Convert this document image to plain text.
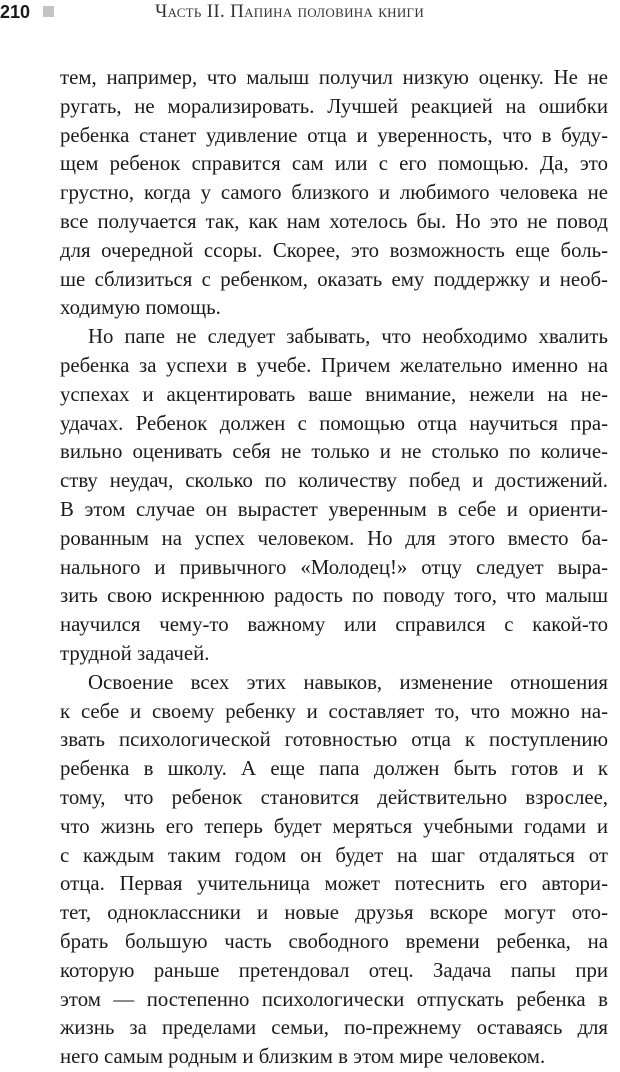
210	Часть II. Папина половина книги
тем, например, что малыш получил низкую оценку. Не не
ругать, не морализировать. Лучшей реакцией на ошибки
ребенка станет удивление отца и уверенность, что в буду-
щем ребенок справится сам или с его помощью. Да, это
грустно, когда у самого близкого и любимого человека не
все получается так, как нам хотелось бы. Но это не повод
для очередной ссоры. Скорее, это возможность еще боль-
ше сблизиться с ребенком, оказать ему поддержку и необ-
ходимую помощь.
Но папе не следует забывать, что необходимо хвалить
ребенка за успехи в учебе. Причем желательно именно на
успехах и акцентировать ваше внимание, нежели на не-
удачах. Ребенок должен с помощью отца научиться пра-
вильно оценивать себя не только и не столько по количе-
ству неудач, сколько по количеству побед и достижений.
В этом случае он вырастет уверенным в себе и ориенти-
рованным на успех человеком. Но для этого вместо ба-
нального и привычного «Молодец!» отцу следует выра-
зить свою искреннюю радость по поводу того, что малыш
научился чему-то важному или справился с какой-то
трудной задачей.
Освоение всех этих навыков, изменение отношения
к себе и своему ребенку и составляет то, что можно на-
звать психологической готовностью отца к поступлению
ребенка в школу. А еще папа должен быть готов и к
тому, что ребенок становится действительно взрослее,
что жизнь его теперь будет меряться учебными годами и
с каждым таким годом он будет на шаг отдаляться от
отца. Первая учительница может потеснить его автори-
тет, одноклассники и новые друзья вскоре могут ото-
брать большую часть свободного времени ребенка, на
которую раньше претендовал отец. Задача папы при
этом — постепенно психологически отпускать ребенка в
жизнь за пределами семьи, по-прежнему оставаясь для
него самым родным и близким в этом мире человеком.
